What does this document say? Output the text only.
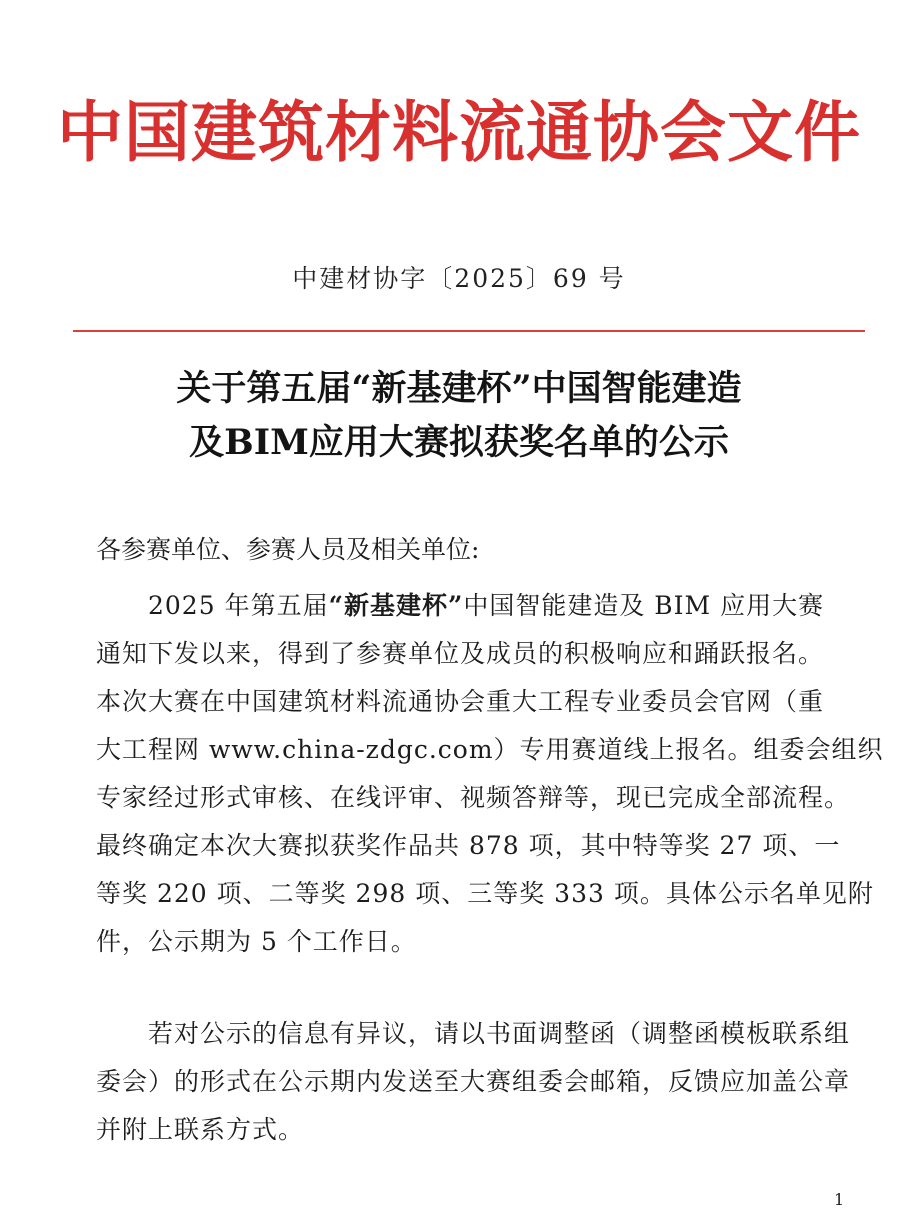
中国建筑材料流通协会文件
中建材协字〔2025〕69 号
关于第五届“新基建杯”中国智能建造
及BIM应用大赛拟获奖名单的公示
各参赛单位、参赛人员及相关单位:
2025 年第五届“新基建杯”中国智能建造及 BIM 应用大赛
通知下发以来，得到了参赛单位及成员的积极响应和踊跃报名。
本次大赛在中国建筑材料流通协会重大工程专业委员会官网（重
大工程网 www.china-zdgc.com）专用赛道线上报名。组委会组织
专家经过形式审核、在线评审、视频答辩等，现已完成全部流程。
最终确定本次大赛拟获奖作品共 878 项，其中特等奖 27 项、一
等奖 220 项、二等奖 298 项、三等奖 333 项。具体公示名单见附
件，公示期为 5 个工作日。
若对公示的信息有异议，请以书面调整函（调整函模板联系组
委会）的形式在公示期内发送至大赛组委会邮箱，反馈应加盖公章
并附上联系方式。
1
